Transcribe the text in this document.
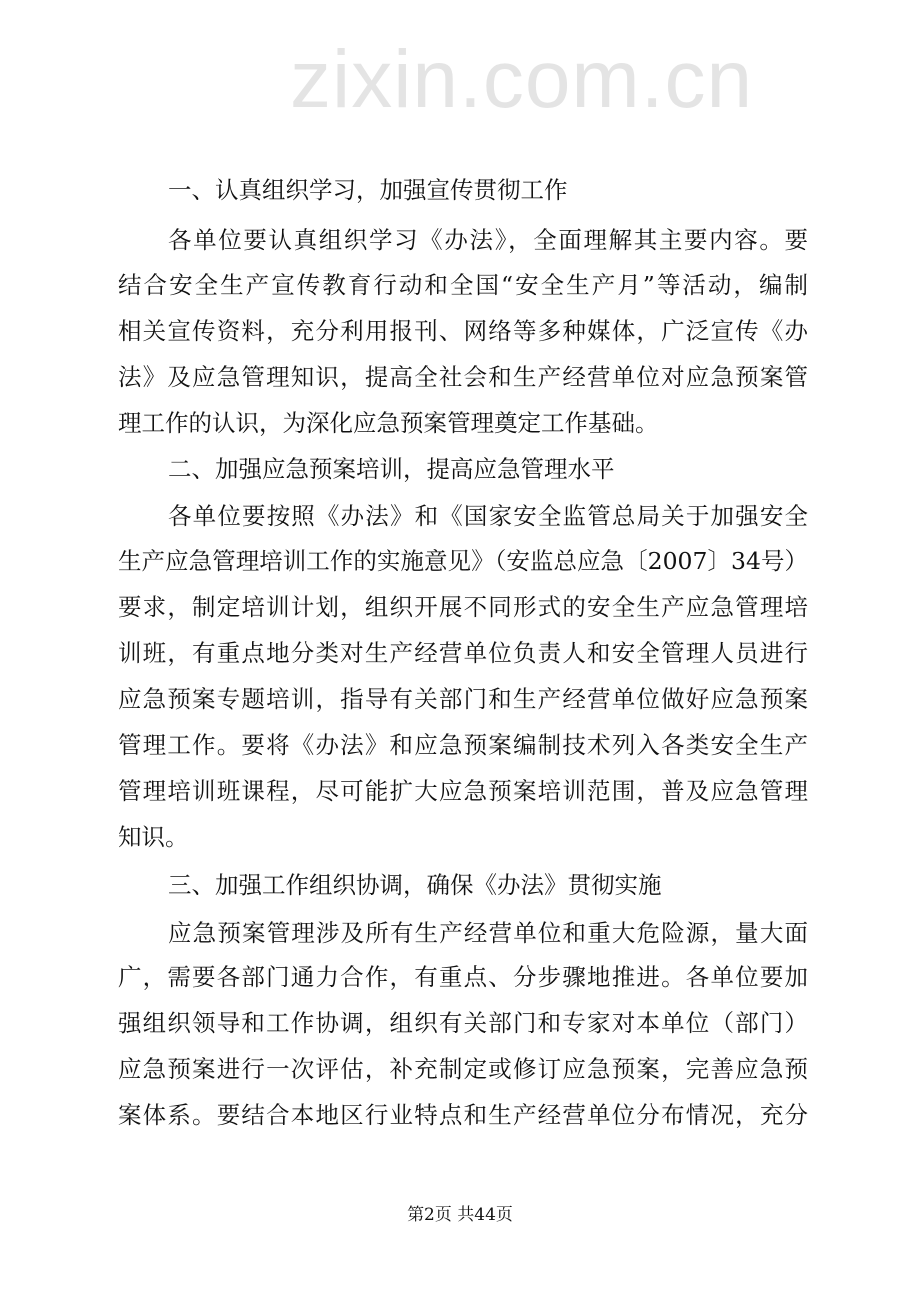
zixin.com.cn
一、认真组织学习，加强宣传贯彻工作
各单位要认真组织学习《办法》，全面理解其主要内容。要
结合安全生产宣传教育行动和全国“安全生产月”等活动，编制
相关宣传资料，充分利用报刊、网络等多种媒体，广泛宣传《办
法》及应急管理知识，提高全社会和生产经营单位对应急预案管
理工作的认识，为深化应急预案管理奠定工作基础。
二、加强应急预案培训，提高应急管理水平
各单位要按照《办法》和《国家安全监管总局关于加强安全
生产应急管理培训工作的实施意见》（安监总应急〔2007〕34号）
要求，制定培训计划，组织开展不同形式的安全生产应急管理培
训班，有重点地分类对生产经营单位负责人和安全管理人员进行
应急预案专题培训，指导有关部门和生产经营单位做好应急预案
管理工作。要将《办法》和应急预案编制技术列入各类安全生产
管理培训班课程，尽可能扩大应急预案培训范围，普及应急管理
知识。
三、加强工作组织协调，确保《办法》贯彻实施
应急预案管理涉及所有生产经营单位和重大危险源，量大面
广，需要各部门通力合作，有重点、分步骤地推进。各单位要加
强组织领导和工作协调，组织有关部门和专家对本单位（部门）
应急预案进行一次评估，补充制定或修订应急预案，完善应急预
案体系。要结合本地区行业特点和生产经营单位分布情况，充分
第2页 共44页
